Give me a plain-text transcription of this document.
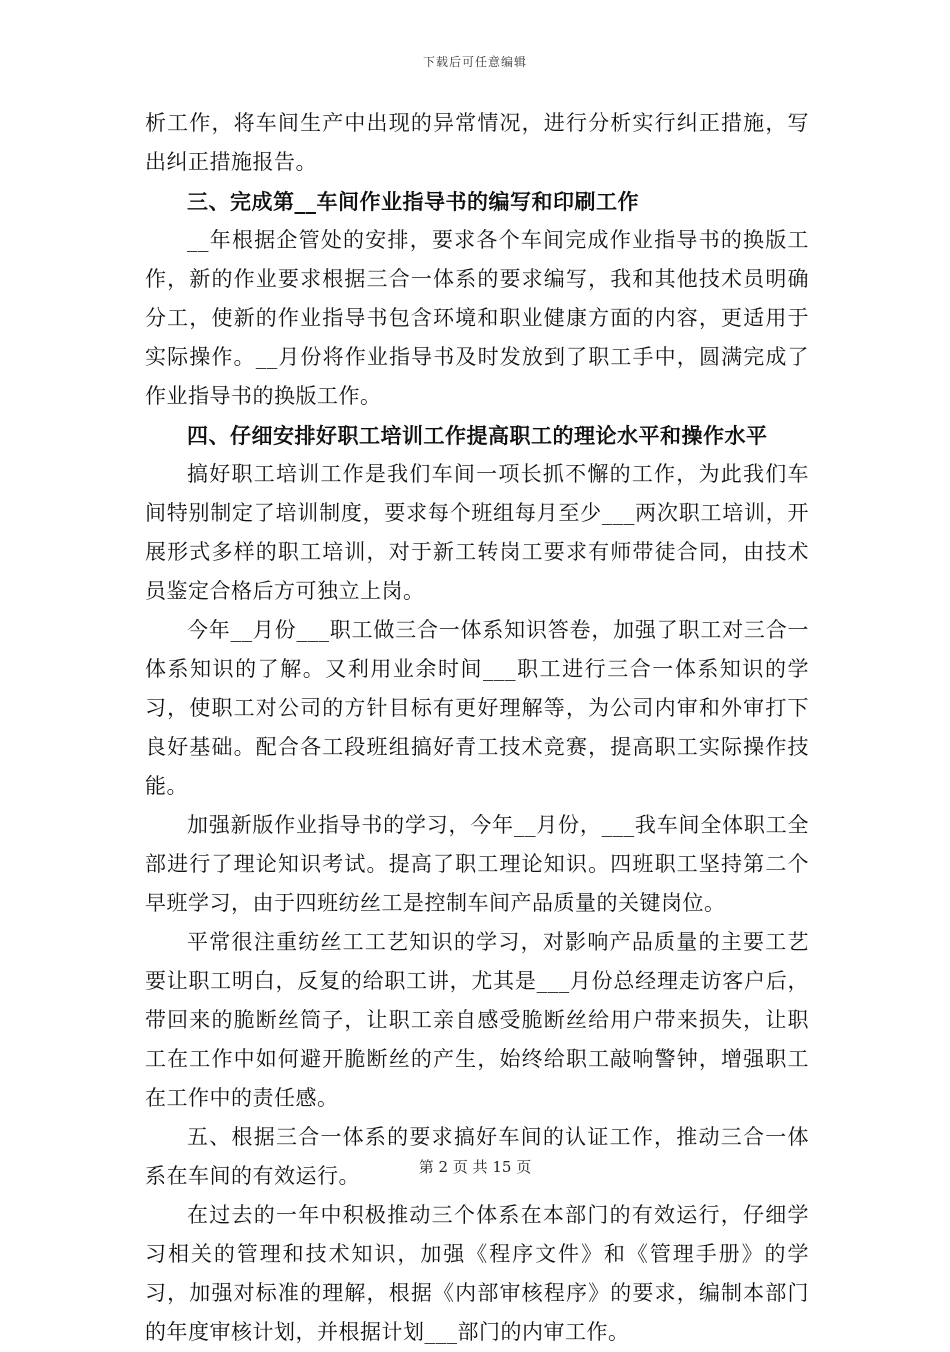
下载后可任意编辑

析工作，将车间生产中出现的异常情况，进行分析实行纠正措施，写出纠正措施报告。

三、完成第__车间作业指导书的编写和印刷工作

__年根据企管处的安排，要求各个车间完成作业指导书的换版工作，新的作业要求根据三合一体系的要求编写，我和其他技术员明确分工，使新的作业指导书包含环境和职业健康方面的内容，更适用于实际操作。__月份将作业指导书及时发放到了职工手中，圆满完成了作业指导书的换版工作。

四、仔细安排好职工培训工作提高职工的理论水平和操作水平

搞好职工培训工作是我们车间一项长抓不懈的工作，为此我们车间特别制定了培训制度，要求每个班组每月至少___两次职工培训，开展形式多样的职工培训，对于新工转岗工要求有师带徒合同，由技术员鉴定合格后方可独立上岗。

今年__月份___职工做三合一体系知识答卷，加强了职工对三合一体系知识的了解。又利用业余时间___职工进行三合一体系知识的学习，使职工对公司的方针目标有更好理解等，为公司内审和外审打下良好基础。配合各工段班组搞好青工技术竞赛，提高职工实际操作技能。

加强新版作业指导书的学习，今年__月份，___我车间全体职工全部进行了理论知识考试。提高了职工理论知识。四班职工坚持第二个早班学习，由于四班纺丝工是控制车间产品质量的关键岗位。

平常很注重纺丝工工艺知识的学习，对影响产品质量的主要工艺要让职工明白，反复的给职工讲，尤其是___月份总经理走访客户后，带回来的脆断丝筒子，让职工亲自感受脆断丝给用户带来损失，让职工在工作中如何避开脆断丝的产生，始终给职工敲响警钟，增强职工在工作中的责任感。

五、根据三合一体系的要求搞好车间的认证工作，推动三合一体系在车间的有效运行。

在过去的一年中积极推动三个体系在本部门的有效运行，仔细学习相关的管理和技术知识，加强《程序文件》和《管理手册》的学习，加强对标准的理解，根据《内部审核程序》的要求，编制本部门的年度审核计划，并根据计划___部门的内审工作。

第 2 页 共 15 页
